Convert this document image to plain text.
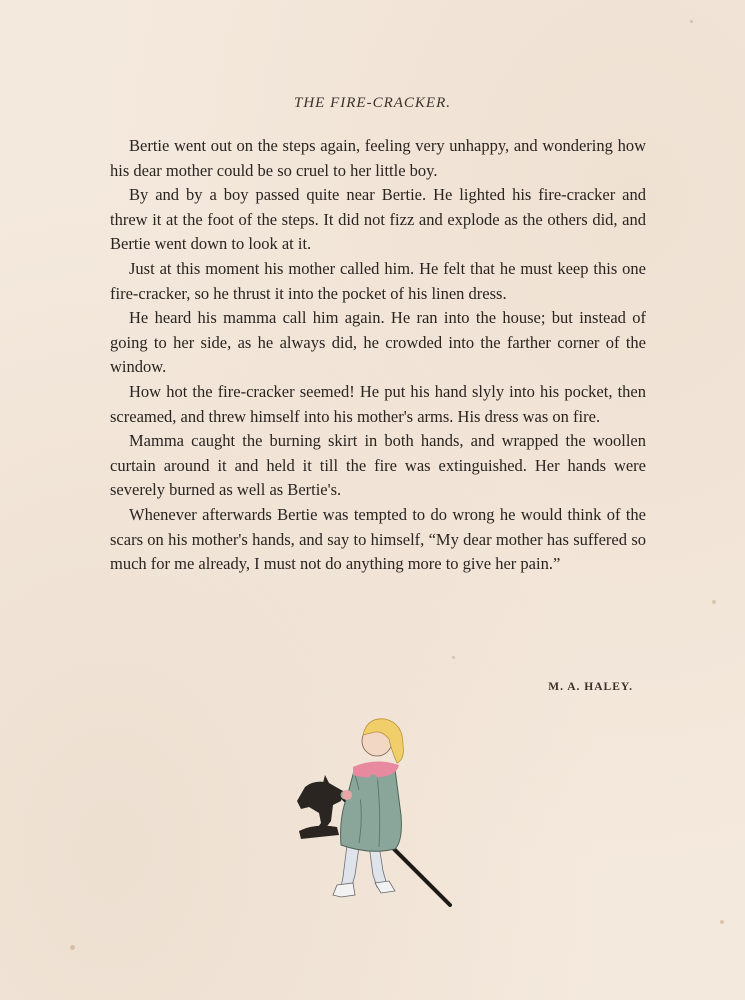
THE FIRE-CRACKER.

Bertie went out on the steps again, feeling very unhappy, and wondering how his dear mother could be so cruel to her little boy.

By and by a boy passed quite near Bertie. He lighted his fire-cracker and threw it at the foot of the steps. It did not fizz and explode as the others did, and Bertie went down to look at it.

Just at this moment his mother called him. He felt that he must keep this one fire-cracker, so he thrust it into the pocket of his linen dress.

He heard his mamma call him again. He ran into the house; but instead of going to her side, as he always did, he crowded into the farther corner of the window.

How hot the fire-cracker seemed! He put his hand slyly into his pocket, then screamed, and threw himself into his mother's arms. His dress was on fire.

Mamma caught the burning skirt in both hands, and wrapped the woollen curtain around it and held it till the fire was extinguished. Her hands were severely burned as well as Bertie's.

Whenever afterwards Bertie was tempted to do wrong he would think of the scars on his mother's hands, and say to himself, “My dear mother has suffered so much for me already, I must not do anything more to give her pain.”

M. A. HALEY.
